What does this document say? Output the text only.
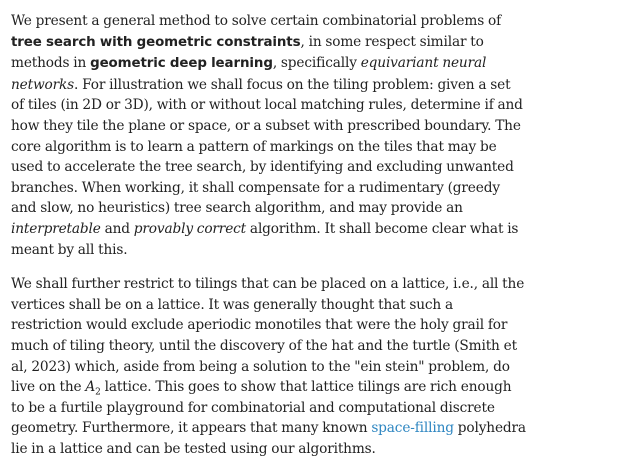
We present a general method to solve certain combinatorial problems of tree search with geometric constraints, in some respect similar to methods in geometric deep learning, specifically equivariant neural networks. For illustration we shall focus on the tiling problem: given a set of tiles (in 2D or 3D), with or without local matching rules, determine if and how they tile the plane or space, or a subset with prescribed boundary. The core algorithm is to learn a pattern of markings on the tiles that may be used to accelerate the tree search, by identifying and excluding unwanted branches. When working, it shall compensate for a rudimentary (greedy and slow, no heuristics) tree search algorithm, and may provide an interpretable and provably correct algorithm. It shall become clear what is meant by all this.

We shall further restrict to tilings that can be placed on a lattice, i.e., all the vertices shall be on a lattice. It was generally thought that such a restriction would exclude aperiodic monotiles that were the holy grail for much of tiling theory, until the discovery of the hat and the turtle (Smith et al, 2023) which, aside from being a solution to the "ein stein" problem, do live on the $A_2$ lattice. This goes to show that lattice tilings are rich enough to be a furtile playground for combinatorial and computational discrete geometry. Furthermore, it appears that many known space-filling polyhedra lie in a lattice and can be tested using our algorithms.
